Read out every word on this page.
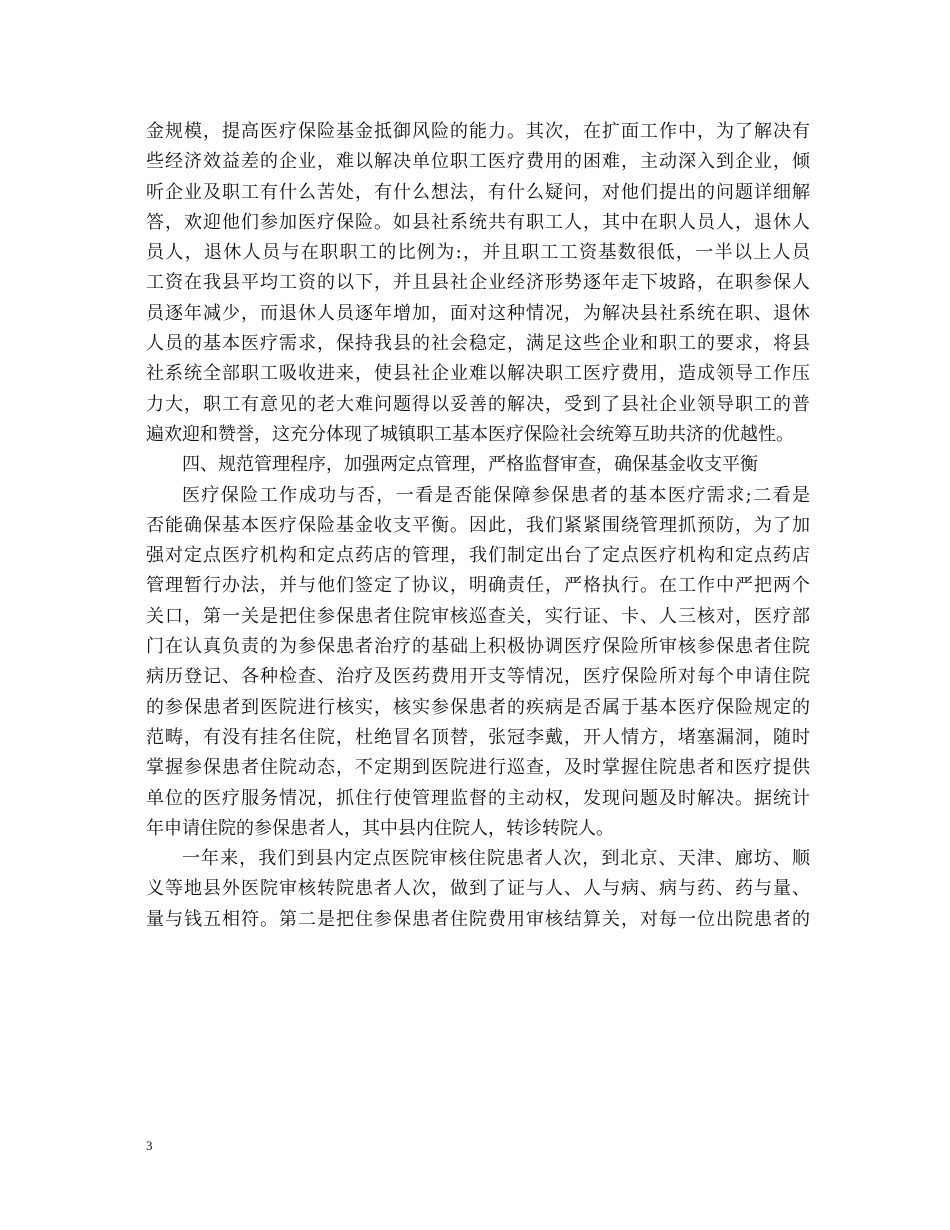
金规模，提高医疗保险基金抵御风险的能力。其次，在扩面工作中，为了解决有
些经济效益差的企业，难以解决单位职工医疗费用的困难，主动深入到企业，倾
听企业及职工有什么苦处，有什么想法，有什么疑问，对他们提出的问题详细解
答，欢迎他们参加医疗保险。如县社系统共有职工人，其中在职人员人，退休人
员人，退休人员与在职职工的比例为:，并且职工工资基数很低，一半以上人员
工资在我县平均工资的以下，并且县社企业经济形势逐年走下坡路，在职参保人
员逐年减少，而退休人员逐年增加，面对这种情况，为解决县社系统在职、退休
人员的基本医疗需求，保持我县的社会稳定，满足这些企业和职工的要求，将县
社系统全部职工吸收进来，使县社企业难以解决职工医疗费用，造成领导工作压
力大，职工有意见的老大难问题得以妥善的解决，受到了县社企业领导职工的普
遍欢迎和赞誉，这充分体现了城镇职工基本医疗保险社会统筹互助共济的优越性。
四、规范管理程序，加强两定点管理，严格监督审查，确保基金收支平衡
医疗保险工作成功与否，一看是否能保障参保患者的基本医疗需求;二看是
否能确保基本医疗保险基金收支平衡。因此，我们紧紧围绕管理抓预防，为了加
强对定点医疗机构和定点药店的管理，我们制定出台了定点医疗机构和定点药店
管理暂行办法，并与他们签定了协议，明确责任，严格执行。在工作中严把两个
关口，第一关是把住参保患者住院审核巡查关，实行证、卡、人三核对，医疗部
门在认真负责的为参保患者治疗的基础上积极协调医疗保险所审核参保患者住院
病历登记、各种检查、治疗及医药费用开支等情况，医疗保险所对每个申请住院
的参保患者到医院进行核实，核实参保患者的疾病是否属于基本医疗保险规定的
范畴，有没有挂名住院，杜绝冒名顶替，张冠李戴，开人情方，堵塞漏洞，随时
掌握参保患者住院动态，不定期到医院进行巡查，及时掌握住院患者和医疗提供
单位的医疗服务情况，抓住行使管理监督的主动权，发现问题及时解决。据统计
年申请住院的参保患者人，其中县内住院人，转诊转院人。
一年来，我们到县内定点医院审核住院患者人次，到北京、天津、廊坊、顺
义等地县外医院审核转院患者人次，做到了证与人、人与病、病与药、药与量、
量与钱五相符。第二是把住参保患者住院费用审核结算关，对每一位出院患者的
3
